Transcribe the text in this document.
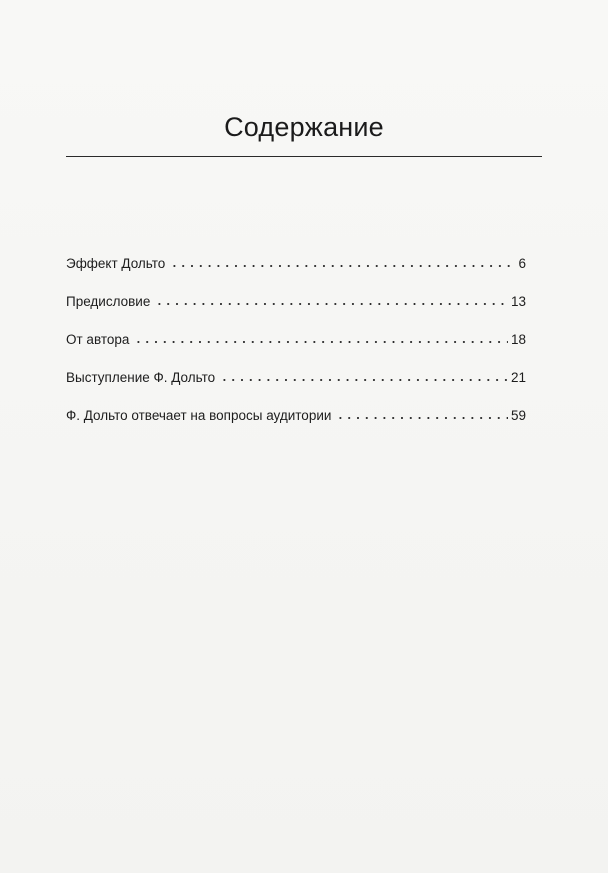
Содержание
Эффект Дольто	6
Предисловие	13
От автора	18
Выступление Ф. Дольто	21
Ф. Дольто отвечает на вопросы аудитории	59
